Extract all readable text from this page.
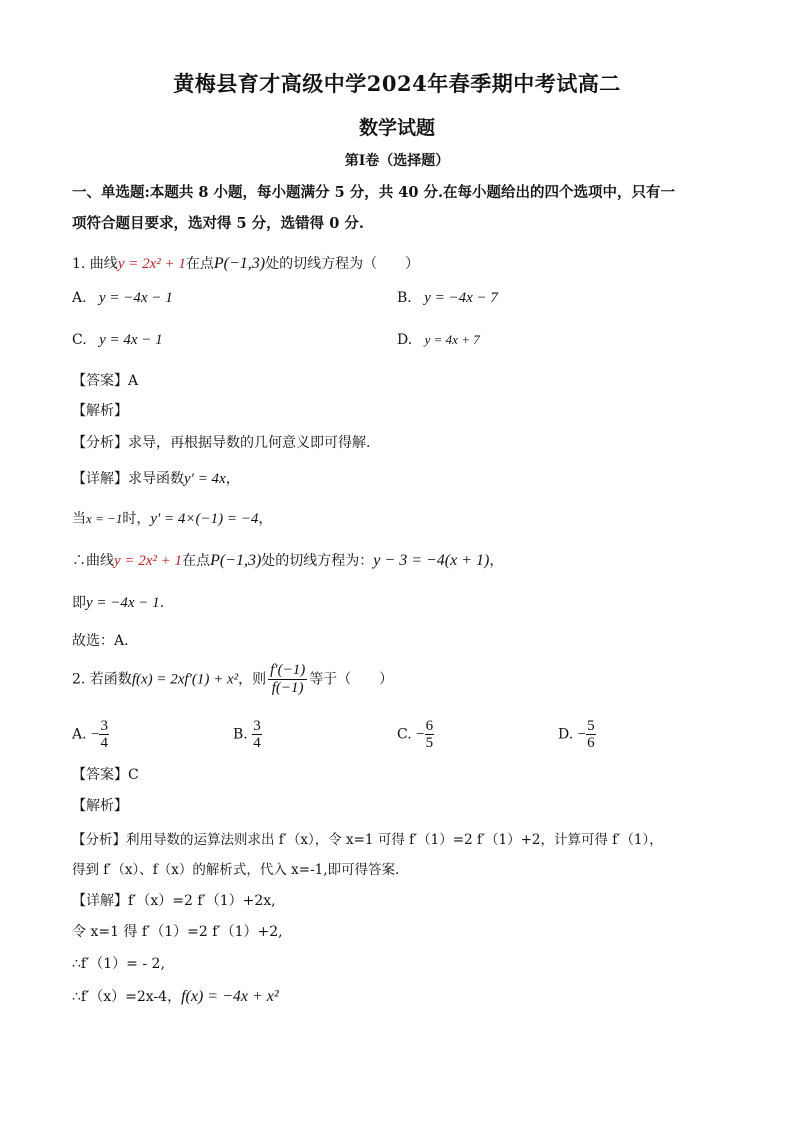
黄梅县育才高级中学2024年春季期中考试高二
数学试题
第I卷（选择题）
一、单选题:本题共 8 小题，每小题满分 5 分，共 40 分.在每小题给出的四个选项中，只有一
项符合题目要求，选对得 5 分，选错得 0 分.
1. 曲线y = 2x² + 1在点P(−1,3)处的切线方程为（　　）
A. y = −4x − 1	B. y = −4x − 7
C. y = 4x − 1	D. y = 4x + 7
【答案】A
【解析】
【分析】求导，再根据导数的几何意义即可得解.
【详解】求导函数y′ = 4x，
当x = −1时，y′ = 4×(−1) = −4，
∴曲线y = 2x² + 1在点P(−1,3)处的切线方程为：y − 3 = −4(x + 1)，
即y = −4x − 1.
故选：A.
2. 若函数f(x) = 2xf′(1) + x²，则 $\frac{f'(-1)}{f(-1)}$ 等于（　　）
A. − $\frac{3}{4}$	B. $\frac{3}{4}$	C. − $\frac{6}{5}$	D. − $\frac{5}{6}$
【答案】C
【解析】
【分析】利用导数的运算法则求出 f′（x），令 x=1 可得 f′（1）=2 f′（1）+2，计算可得 f′（1），
得到 f′（x）、f（x）的解析式，代入 x=-1,即可得答案.
【详解】f′（x）=2 f′（1）+2x,
令 x=1 得 f′（1）=2 f′（1）+2,
∴f′（1）= - 2,
∴f′（x）=2x-4，f(x) = −4x + x²
